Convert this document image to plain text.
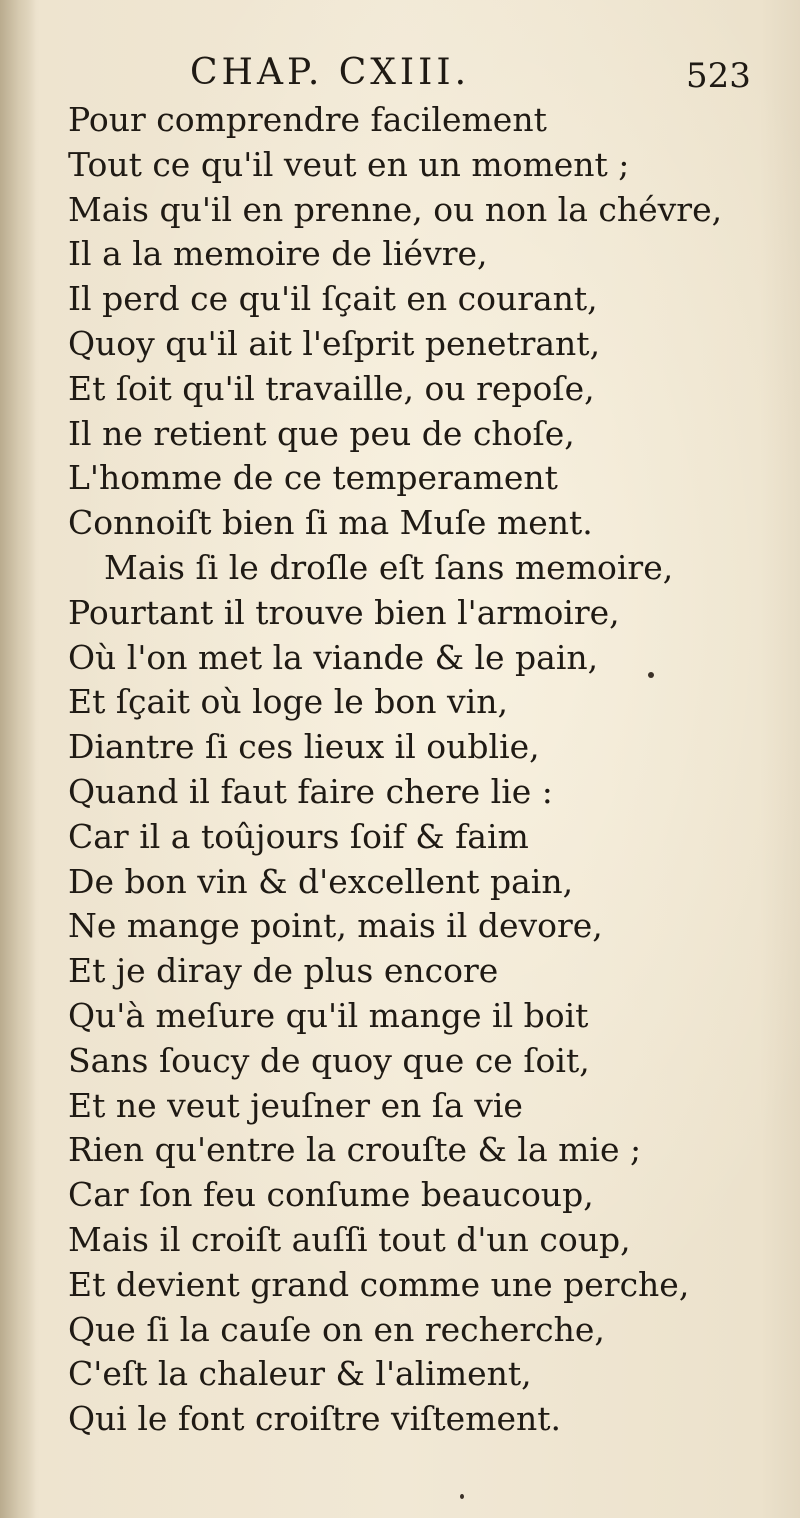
CHAP. CXIII.	523
Pour comprendre facilement
Tout ce qu'il veut en un moment ;
Mais qu'il en prenne, ou non la chévre,
Il a la memoire de liévre,
Il perd ce qu'il ſçait en courant,
Quoy qu'il ait l'eſprit penetrant,
Et ſoit qu'il travaille, ou repoſe,
Il ne retient que peu de choſe,
L'homme de ce temperament
Connoiſt bien ſi ma Muſe ment.
Mais ſi le droſle eſt ſans memoire,
Pourtant il trouve bien l'armoire,
Où l'on met la viande & le pain,
Et ſçait où loge le bon vin,
Diantre ſi ces lieux il oublie,
Quand il faut faire chere lie :
Car il a toûjours ſoif & faim
De bon vin & d'excellent pain,
Ne mange point, mais il devore,
Et je diray de plus encore
Qu'à meſure qu'il mange il boit
Sans ſoucy de quoy que ce ſoit,
Et ne veut jeuſner en ſa vie
Rien qu'entre la crouſte & la mie ;
Car ſon feu conſume beaucoup,
Mais il croiſt auſſi tout d'un coup,
Et devient grand comme une perche,
Que ſi la cauſe on en recherche,
C'eſt la chaleur & l'aliment,
Qui le font croiſtre viſtement.
